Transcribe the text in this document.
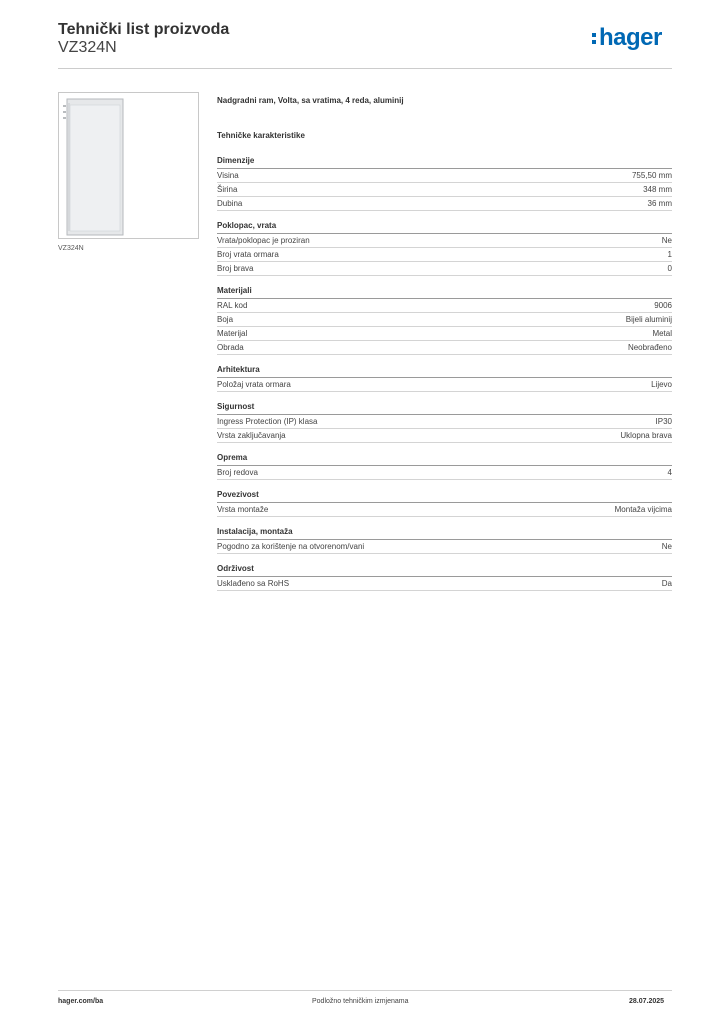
Tehnički list proizvoda
VZ324N	hager
VZ324N
Nadgradni ram, Volta, sa vratima, 4 reda, aluminij
Tehničke karakteristike
Dimenzije
Visina	755,50 mm
Širina	348 mm
Dubina	36 mm
Poklopac, vrata
Vrata/poklopac je proziran	Ne
Broj vrata ormara	1
Broj brava	0
Materijali
RAL kod	9006
Boja	Bijeli aluminij
Materijal	Metal
Obrada	Neobrađeno
Arhitektura
Položaj vrata ormara	Lijevo
Sigurnost
Ingress Protection (IP) klasa	IP30
Vrsta zaključavanja	Uklopna brava
Oprema
Broj redova	4
Povezivost
Vrsta montaže	Montaža vijcima
Instalacija, montaža
Pogodno za korištenje na otvorenom/vani	Ne
Održivost
Usklađeno sa RoHS	Da
hager.com/ba	Podložno tehničkim izmjenama	28.07.2025
